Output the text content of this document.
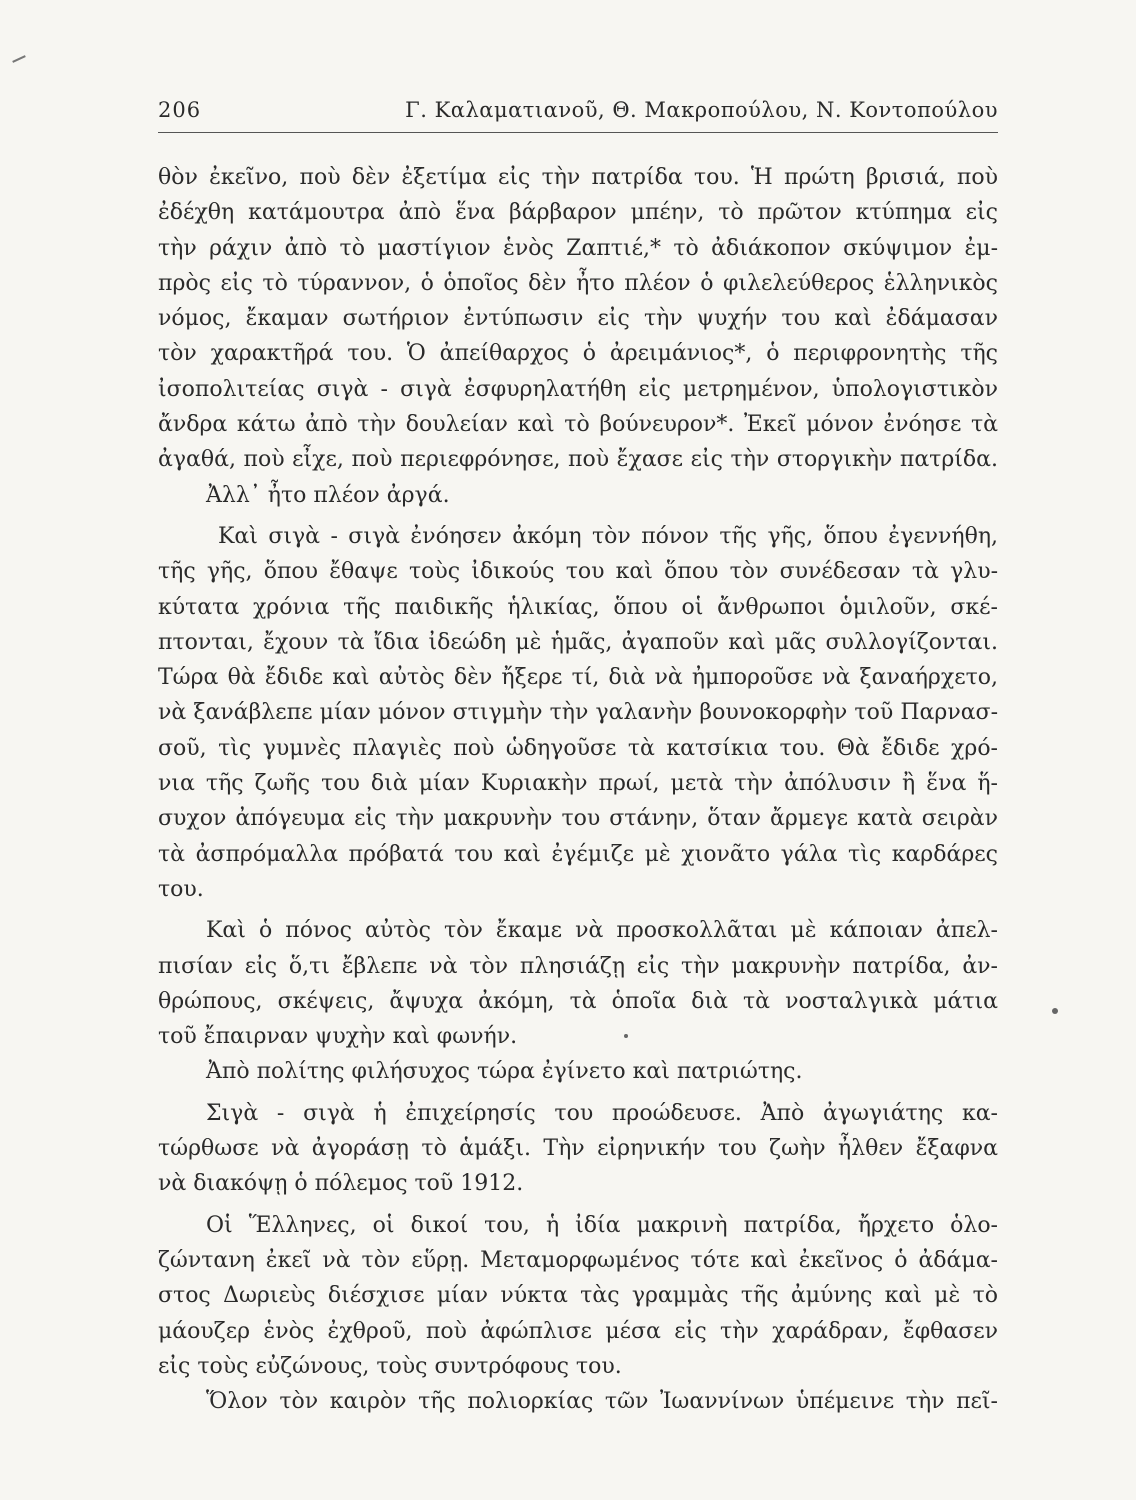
206	Γ. Καλαματιανοῦ, Θ. Μακροπούλου, Ν. Κοντοπούλου
θὸν ἐκεῖνο, ποὺ δὲν ἐξετίμα εἰς τὴν πατρίδα του. Ἡ πρώτη βρισιά, ποὺ
ἐδέχθη κατάμουτρα ἀπὸ ἕνα βάρβαρον μπέην, τὸ πρῶτον κτύπημα εἰς
τὴν ράχιν ἀπὸ τὸ μαστίγιον ἑνὸς Ζαπτιέ,* τὸ ἀδιάκοπον σκύψιμον ἐμ-
πρὸς εἰς τὸ τύραννον, ὁ ὁποῖος δὲν ἦτο πλέον ὁ φιλελεύθερος ἑλληνικὸς
νόμος, ἔκαμαν σωτήριον ἐντύπωσιν εἰς τὴν ψυχήν του καὶ ἐδάμασαν
τὸν χαρακτῆρά του. Ὁ ἀπείθαρχος ὁ ἀρειμάνιος*, ὁ περιφρονητὴς τῆς
ἰσοπολιτείας σιγὰ - σιγὰ ἐσφυρηλατήθη εἰς μετρημένον, ὑπολογιστικὸν
ἄνδρα κάτω ἀπὸ τὴν δουλείαν καὶ τὸ βούνευρον*. Ἐκεῖ μόνον ἐνόησε τὰ
ἀγαθά, ποὺ εἶχε, ποὺ περιεφρόνησε, ποὺ ἔχασε εἰς τὴν στοργικὴν πατρίδα.
Ἀλλ᾽ ἦτο πλέον ἀργά.
Καὶ σιγὰ - σιγὰ ἐνόησεν ἀκόμη τὸν πόνον τῆς γῆς, ὅπου ἐγεννήθη,
τῆς γῆς, ὅπου ἔθαψε τοὺς ἰδικούς του καὶ ὅπου τὸν συνέδεσαν τὰ γλυ-
κύτατα χρόνια τῆς παιδικῆς ἡλικίας, ὅπου οἱ ἄνθρωποι ὁμιλοῦν, σκέ-
πτονται, ἔχουν τὰ ἴδια ἰδεώδη μὲ ἡμᾶς, ἀγαποῦν καὶ μᾶς συλλογίζονται.
Τώρα θὰ ἔδιδε καὶ αὐτὸς δὲν ἤξερε τί, διὰ νὰ ἠμποροῦσε νὰ ξαναήρχετο,
νὰ ξανάβλεπε μίαν μόνον στιγμὴν τὴν γαλανὴν βουνοκορφὴν τοῦ Παρνασ-
σοῦ, τὶς γυμνὲς πλαγιὲς ποὺ ὡδηγοῦσε τὰ κατσίκια του. Θὰ ἔδιδε χρό-
νια τῆς ζωῆς του διὰ μίαν Κυριακὴν πρωί, μετὰ τὴν ἀπόλυσιν ἢ ἕνα ἥ-
συχον ἀπόγευμα εἰς τὴν μακρυνὴν του στάνην, ὅταν ἄρμεγε κατὰ σειρὰν
τὰ ἀσπρόμαλλα πρόβατά του καὶ ἐγέμιζε μὲ χιονᾶτο γάλα τὶς καρδάρες
του.
Καὶ ὁ πόνος αὐτὸς τὸν ἔκαμε νὰ προσκολλᾶται μὲ κάποιαν ἀπελ-
πισίαν εἰς ὅ,τι ἔβλεπε νὰ τὸν πλησιάζῃ εἰς τὴν μακρυνὴν πατρίδα, ἀν-
θρώπους, σκέψεις, ἄψυχα ἀκόμη, τὰ ὁποῖα διὰ τὰ νοσταλγικὰ μάτια
τοῦ ἔπαιρναν ψυχὴν καὶ φωνήν.
Ἀπὸ πολίτης φιλήσυχος τώρα ἐγίνετο καὶ πατριώτης.
Σιγὰ - σιγὰ ἡ ἐπιχείρησίς του προώδευσε. Ἀπὸ ἀγωγιάτης κα-
τώρθωσε νὰ ἀγοράσῃ τὸ ἁμάξι. Τὴν εἰρηνικήν του ζωὴν ἦλθεν ἔξαφνα
νὰ διακόψῃ ὁ πόλεμος τοῦ 1912.
Οἱ Ἕλληνες, οἱ δικοί του, ἡ ἰδία μακρινὴ πατρίδα, ἤρχετο ὁλο-
ζώντανη ἐκεῖ νὰ τὸν εὕρῃ. Μεταμορφωμένος τότε καὶ ἐκεῖνος ὁ ἀδάμα-
στος Δωριεὺς διέσχισε μίαν νύκτα τὰς γραμμὰς τῆς ἀμύνης καὶ μὲ τὸ
μάουζερ ἑνὸς ἐχθροῦ, ποὺ ἀφώπλισε μέσα εἰς τὴν χαράδραν, ἔφθασεν
εἰς τοὺς εὐζώνους, τοὺς συντρόφους του.
Ὅλον τὸν καιρὸν τῆς πολιορκίας τῶν Ἰωαννίνων ὑπέμεινε τὴν πεῖ-
